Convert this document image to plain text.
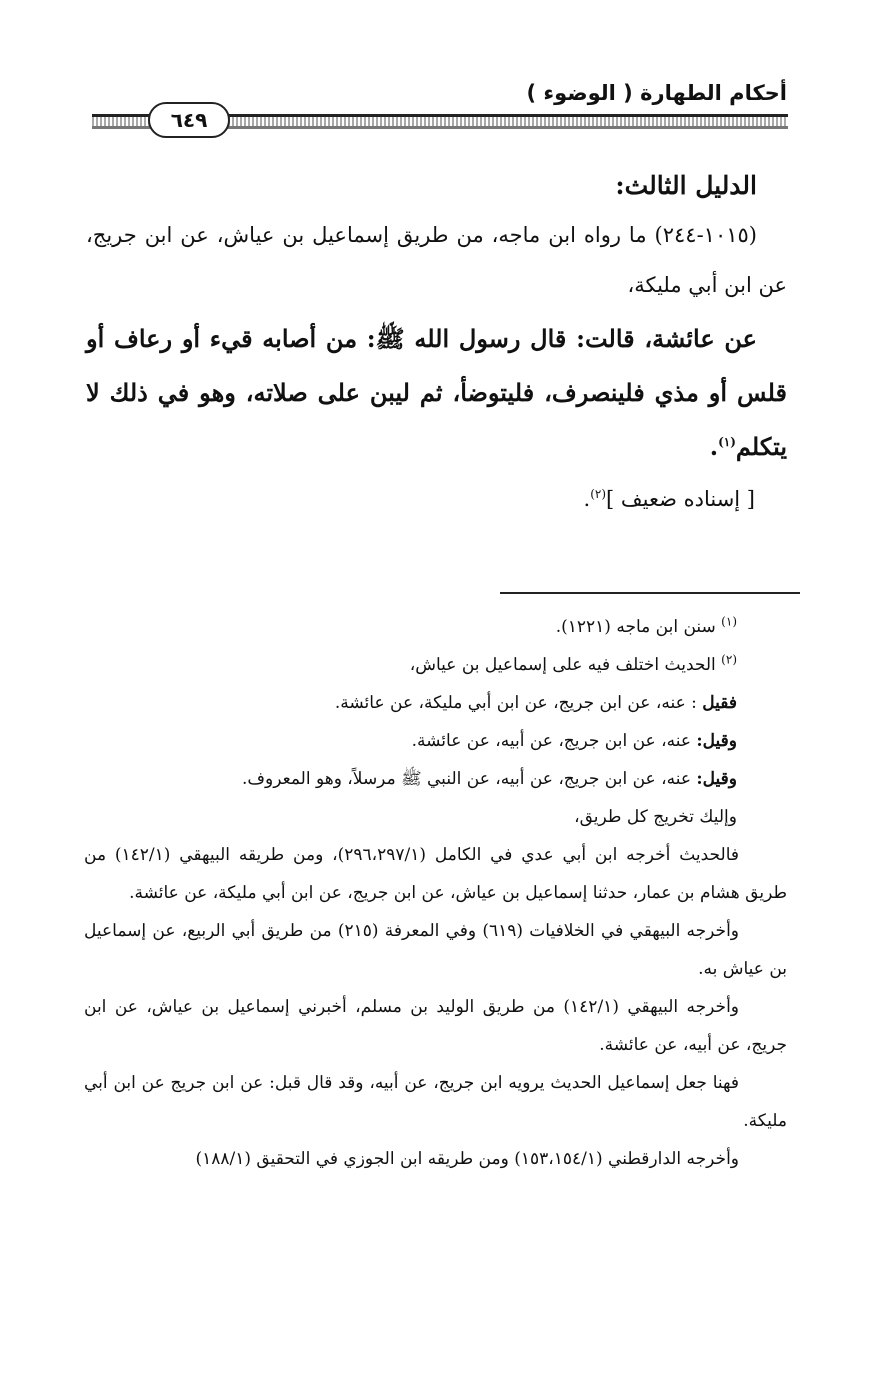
أحكام الطهارة ( الوضوء )
٦٤٩
الدليل الثالث:
(١٠١٥-٢٤٤) ما رواه ابن ماجه، من طريق إسماعيل بن عياش، عن ابن جريج، عن ابن أبي مليكة،
عن عائشة، قالت: قال رسول الله ﷺ: من أصابه قيء أو رعاف أو قلس أو مذي فلينصرف، فليتوضأ، ثم ليبن على صلاته، وهو في ذلك لا يتكلم$^{(١)}$.
[ إسناده ضعيف ]$^{(٢)}$.

$^{(١)}$ سنن ابن ماجه (١٢٢١).

$^{(٢)}$ الحديث اختلف فيه على إسماعيل بن عياش،

فقيل : عنه، عن ابن جريج، عن ابن أبي مليكة، عن عائشة.

وقيل: عنه، عن ابن جريج، عن أبيه، عن عائشة.

وقيل: عنه، عن ابن جريج، عن أبيه، عن النبي ﷺ مرسلاً، وهو المعروف.

وإليك تخريج كل طريق،

فالحديث أخرجه ابن أبي عدي في الكامل (٢٩٦،٢٩٧/١)، ومن طريقه البيهقي (١٤٢/١) من طريق هشام بن عمار، حدثنا إسماعيل بن عياش، عن ابن جريج، عن ابن أبي مليكة، عن عائشة.

وأخرجه البيهقي في الخلافيات (٦١٩) وفي المعرفة (٢١٥) من طريق أبي الربيع، عن إسماعيل بن عياش به.

وأخرجه البيهقي (١٤٢/١) من طريق الوليد بن مسلم، أخبرني إسماعيل بن عياش، عن ابن جريج، عن أبيه، عن عائشة.

فهنا جعل إسماعيل الحديث يرويه ابن جريج، عن أبيه، وقد قال قبل: عن ابن جريج عن ابن أبي مليكة.

وأخرجه الدارقطني (١٥٣،١٥٤/١) ومن طريقه ابن الجوزي في التحقيق (١٨٨/١)
